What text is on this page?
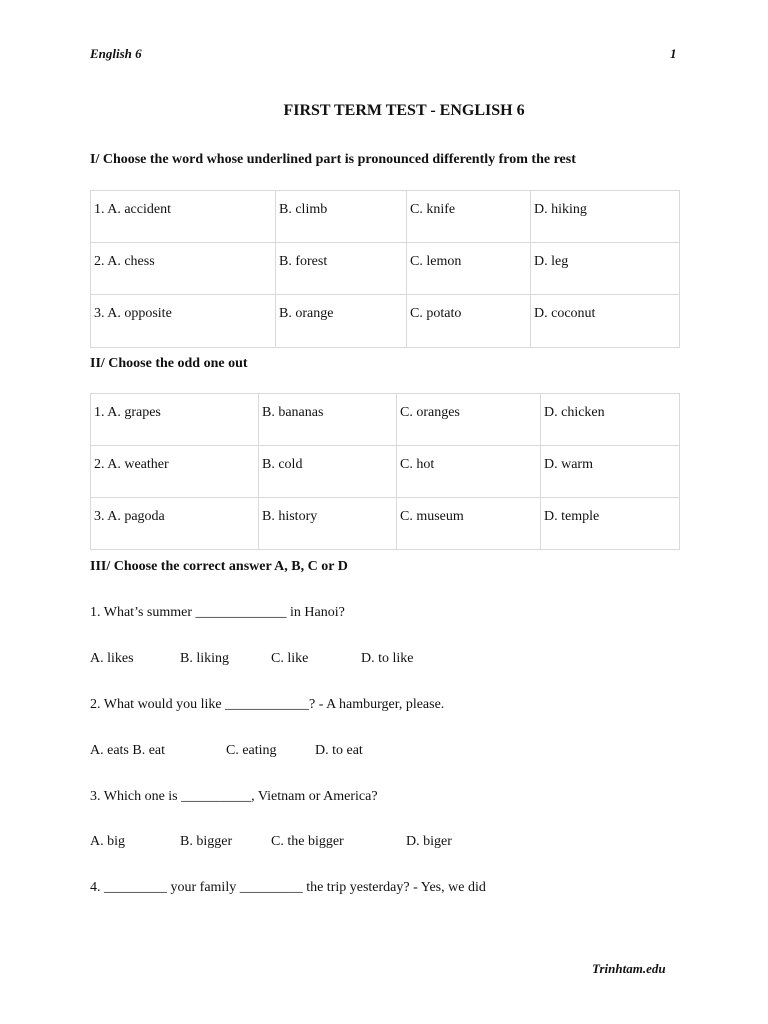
English 6	1
FIRST TERM TEST - ENGLISH 6
I/ Choose the word whose underlined part is pronounced differently from the rest
1. A. accident	B. climb	C. knife	D. hiking
2. A. chess	B. forest	C. lemon	D. leg
3. A. opposite	B. orange	C. potato	D. coconut
II/ Choose the odd one out
1. A. grapes	B. bananas	C. oranges	D. chicken
2. A. weather	B. cold	C. hot	D. warm
3. A. pagoda	B. history	C. museum	D. temple
III/ Choose the correct answer A, B, C or D
1. What’s summer _____________ in Hanoi?
A. likes	B. liking	C. like	D. to like
2. What would you like ____________? - A hamburger, please.
A. eats B. eat	C. eating	D. to eat
3. Which one is __________, Vietnam or America?
A. big	B. bigger	C. the bigger	D. biger
4. _________ your family _________ the trip yesterday? - Yes, we did
Trinhtam.edu
